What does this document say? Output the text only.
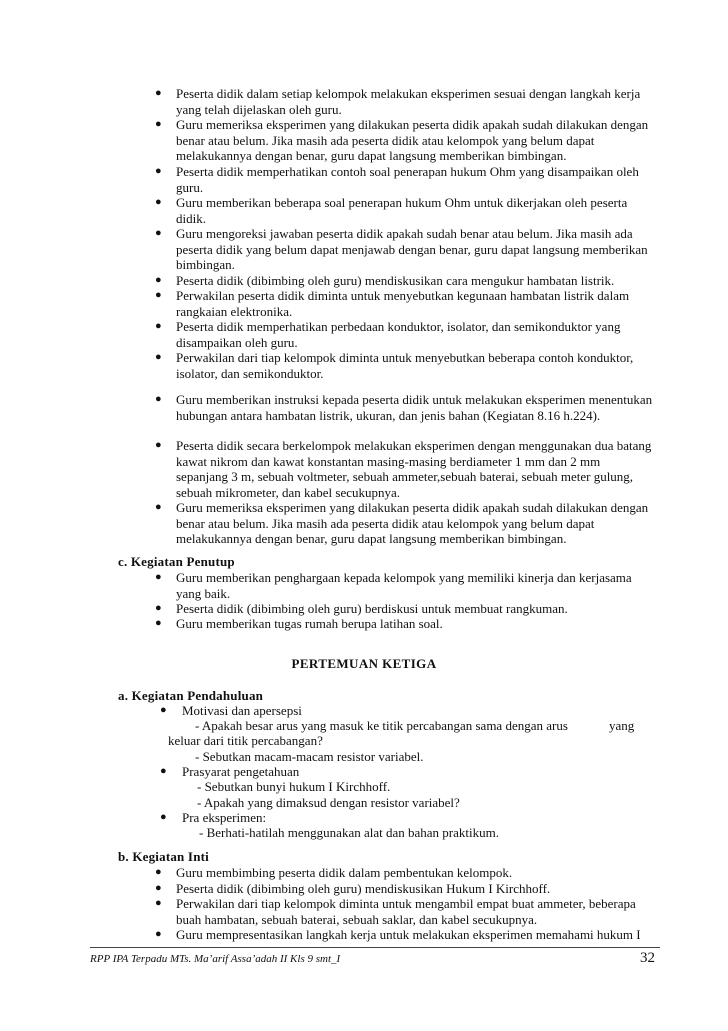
● Peserta didik dalam setiap kelompok melakukan eksperimen sesuai dengan langkah kerja yang telah dijelaskan oleh guru.
● Guru memeriksa eksperimen yang dilakukan peserta didik apakah sudah dilakukan dengan benar atau belum. Jika masih ada peserta didik atau kelompok yang belum dapat melakukannya dengan benar, guru dapat langsung memberikan bimbingan.
● Peserta didik memperhatikan contoh soal penerapan hukum Ohm yang disampaikan oleh guru.
● Guru memberikan beberapa soal penerapan hukum Ohm untuk dikerjakan oleh peserta didik.
● Guru mengoreksi jawaban peserta didik apakah sudah benar atau belum. Jika masih ada peserta didik yang belum dapat menjawab dengan benar, guru dapat langsung memberikan bimbingan.
● Peserta didik (dibimbing oleh guru) mendiskusikan cara mengukur hambatan listrik.
● Perwakilan peserta didik diminta untuk menyebutkan kegunaan hambatan listrik dalam rangkaian elektronika.
● Peserta didik memperhatikan perbedaan konduktor, isolator, dan semikonduktor yang disampaikan oleh guru.
● Perwakilan dari tiap kelompok diminta untuk menyebutkan beberapa contoh konduktor, isolator, dan semikonduktor.
● Guru memberikan instruksi kepada peserta didik untuk melakukan eksperimen menentukan hubungan antara hambatan listrik, ukuran, dan jenis bahan (Kegiatan 8.16 h.224).
● Peserta didik secara berkelompok melakukan eksperimen dengan menggunakan dua batang kawat nikrom dan kawat konstantan masing-masing berdiameter 1 mm dan 2 mm sepanjang 3 m, sebuah voltmeter, sebuah ammeter,sebuah baterai, sebuah meter gulung, sebuah mikrometer, dan kabel secukupnya.
● Guru memeriksa eksperimen yang dilakukan peserta didik apakah sudah dilakukan dengan benar atau belum. Jika masih ada peserta didik atau kelompok yang belum dapat melakukannya dengan benar, guru dapat langsung memberikan bimbingan.
c. Kegiatan Penutup
● Guru memberikan penghargaan kepada kelompok yang memiliki kinerja dan kerjasama yang baik.
● Peserta didik (dibimbing oleh guru) berdiskusi untuk membuat rangkuman.
● Guru memberikan tugas rumah berupa latihan soal.
PERTEMUAN KETIGA
a. Kegiatan Pendahuluan
● Motivasi dan apersepsi
- Apakah besar arus yang masuk ke titik percabangan sama dengan arus	yang
keluar dari titik percabangan?
- Sebutkan macam-macam resistor variabel.
● Prasyarat pengetahuan
- Sebutkan bunyi hukum I Kirchhoff.
- Apakah yang dimaksud dengan resistor variabel?
● Pra eksperimen:
- Berhati-hatilah menggunakan alat dan bahan praktikum.
b. Kegiatan Inti
● Guru membimbing peserta didik dalam pembentukan kelompok.
● Peserta didik (dibimbing oleh guru) mendiskusikan Hukum I Kirchhoff.
● Perwakilan dari tiap kelompok diminta untuk mengambil empat buat ammeter, beberapa buah hambatan, sebuah baterai, sebuah saklar, dan kabel secukupnya.
● Guru mempresentasikan langkah kerja untuk melakukan eksperimen memahami hukum I
RPP IPA Terpadu MTs. Ma’arif Assa’adah II Kls 9 smt_I	32
